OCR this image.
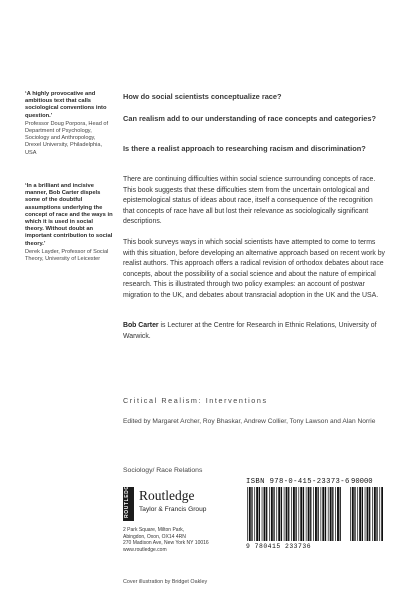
‘A highly provocative and ambitious text that calls sociological conventions into question.’
Professor Doug Porpora, Head of Department of Psychology, Sociology and Anthropology, Drexel University, Philadelphia, USA
‘In a brilliant and incisive manner, Bob Carter dispels some of the doubtful assumptions underlying the concept of race and the ways in which it is used in social theory. Without doubt an important contribution to social theory.’
Derek Layder, Professor of Social Theory, University of Leicester
How do social scientists conceptualize race?
Can realism add to our understanding of race concepts and categories?
Is there a realist approach to researching racism and discrimination?
There are continuing difficulties within social science surrounding concepts of race. This book suggests that these difficulties stem from the uncertain ontological and epistemological status of ideas about race, itself a consequence of the recognition that concepts of race have all but lost their relevance as sociologically significant descriptions.
This book surveys ways in which social scientists have attempted to come to terms with this situation, before developing an alternative approach based on recent work by realist authors. This approach offers a radical revision of orthodox debates about race concepts, about the possibility of a social science and about the nature of empirical research. This is illustrated through two policy examples: an account of postwar migration to the UK, and debates about transracial adoption in the UK and the USA.
Bob Carter is Lecturer at the Centre for Research in Ethnic Relations, University of Warwick.
Critical Realism: Interventions
Edited by Margaret Archer, Roy Bhaskar, Andrew Collier, Tony Lawson and Alan Norrie
Sociology/ Race Relations
ROUTLEDGE Routledge
Taylor & Francis Group
2 Park Square, Milton Park,
Abingdon, Oxon, OX14 4RN
270 Madison Ave, New York NY 10016
www.routledge.com
Cover illustration by Bridget Oakley
ISBN 978-0-415-23373-6 90000
9 780415 233736
